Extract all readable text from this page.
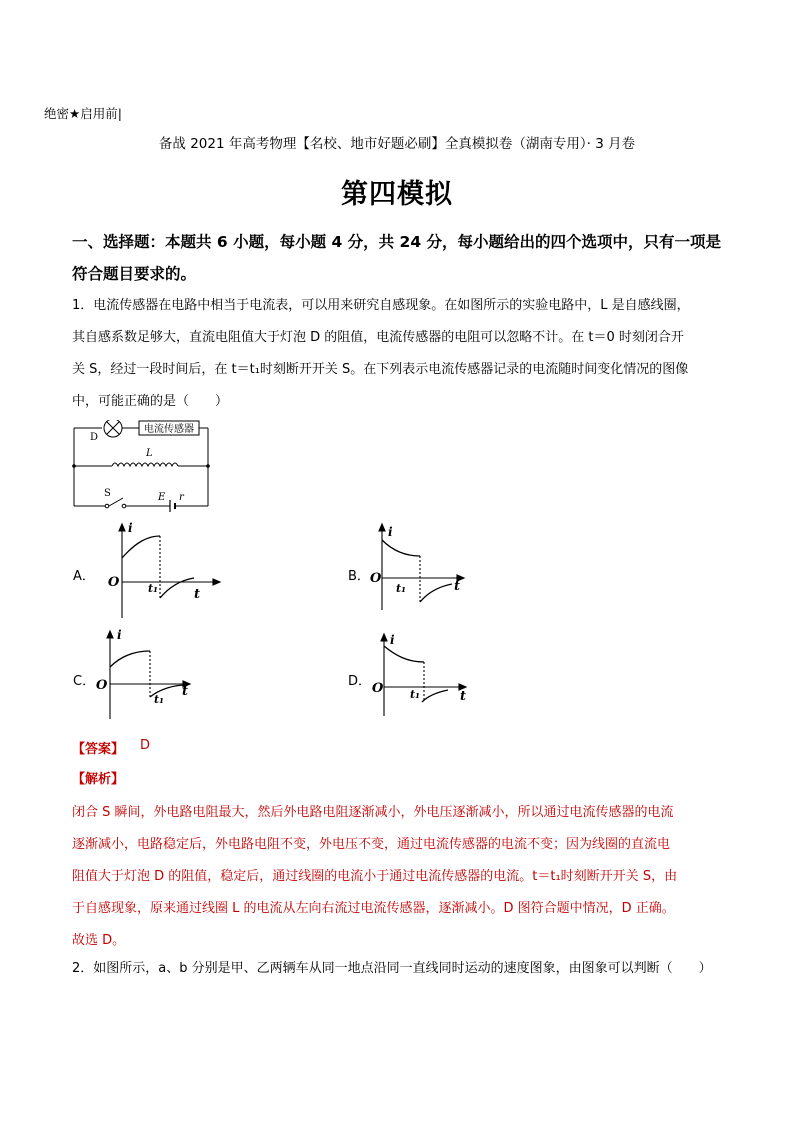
绝密★启用前|
备战 2021 年高考物理【名校、地市好题必刷】全真模拟卷（湖南专用）· 3 月卷
第四模拟
一、选择题：本题共 6 小题，每小题 4 分，共 24 分，每小题给出的四个选项中，只有一项是符合题目要求的。

1．电流传感器在电路中相当于电流表，可以用来研究自感现象。在如图所示的实验电路中，L 是自感线圈，

其自感系数足够大，直流电阻值大于灯泡 D 的阻值，电流传感器的电阻可以忽略不计。在 t＝0 时刻闭合开

关 S，经过一段时间后，在 t＝t₁时刻断开开关 S。在下列表示电流传感器记录的电流随时间变化情况的图像

中，可能正确的是（　　）

D
电流传感器
L
S	E r
A．
i
O	t₁	t
B．
i
O
t₁	t
C．
i
O
t₁
t
D．
i
O t₁	t
【答案】 D
【解析】

闭合 S 瞬间，外电路电阻最大，然后外电路电阻逐渐减小，外电压逐渐减小，所以通过电流传感器的电流

逐渐减小，电路稳定后，外电路电阻不变，外电压不变，通过电流传感器的电流不变；因为线圈的直流电

阻值大于灯泡 D 的阻值，稳定后，通过线圈的电流小于通过电流传感器的电流。t＝t₁时刻断开开关 S，由

于自感现象，原来通过线圈 L 的电流从左向右流过电流传感器，逐渐减小。D 图符合题中情况，D 正确。

故选 D。

2．如图所示，a、b 分别是甲、乙两辆车从同一地点沿同一直线同时运动的速度图象，由图象可以判断（　　）
